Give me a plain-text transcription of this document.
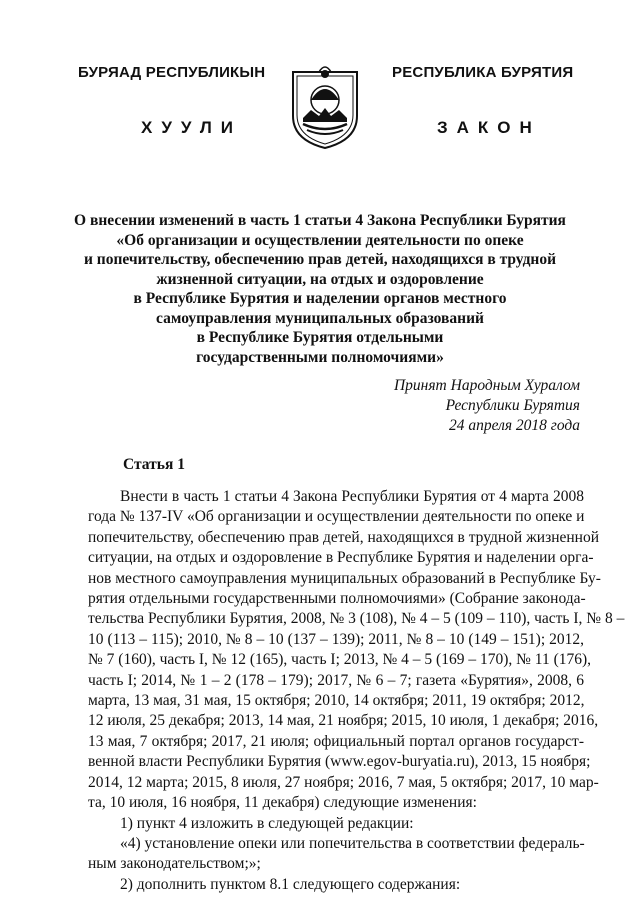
БУРЯАД РЕСПУБЛИКЫН	РЕСПУБЛИКА БУРЯТИЯ
ХУУЛИ	ЗАКОН
О внесении изменений в часть 1 статьи 4 Закона Республики Бурятия
«Об организации и осуществлении деятельности по опеке
и попечительству, обеспечению прав детей, находящихся в трудной
жизненной ситуации, на отдых и оздоровление
в Республике Бурятия и наделении органов местного
самоуправления муниципальных образований
в Республике Бурятия отдельными
государственными полномочиями»
Принят Народным Хуралом
Республики Бурятия
24 апреля 2018 года
Статья 1
Внести в часть 1 статьи 4 Закона Республики Бурятия от 4 марта 2008
года № 137-IV «Об организации и осуществлении деятельности по опеке и
попечительству, обеспечению прав детей, находящихся в трудной жизненной
ситуации, на отдых и оздоровление в Республике Бурятия и наделении орга-
нов местного самоуправления муниципальных образований в Республике Бу-
рятия отдельными государственными полномочиями» (Собрание законода-
тельства Республики Бурятия, 2008, № 3 (108), № 4 – 5 (109 – 110), часть I, № 8 –
10 (113 – 115); 2010, № 8 – 10 (137 – 139); 2011, № 8 – 10 (149 – 151); 2012,
№ 7 (160), часть I, № 12 (165), часть I; 2013, № 4 – 5 (169 – 170), № 11 (176),
часть I; 2014, № 1 – 2 (178 – 179); 2017, № 6 – 7; газета «Бурятия», 2008, 6
марта, 13 мая, 31 мая, 15 октября; 2010, 14 октября; 2011, 19 октября; 2012,
12 июля, 25 декабря; 2013, 14 мая, 21 ноября; 2015, 10 июля, 1 декабря; 2016,
13 мая, 7 октября; 2017, 21 июля; официальный портал органов государст-
венной власти Республики Бурятия (www.egov-buryatia.ru), 2013, 15 ноября;
2014, 12 марта; 2015, 8 июля, 27 ноября; 2016, 7 мая, 5 октября; 2017, 10 мар-
та, 10 июля, 16 ноября, 11 декабря) следующие изменения:
1) пункт 4 изложить в следующей редакции:
«4) установление опеки или попечительства в соответствии федераль-
ным законодательством;»;
2) дополнить пунктом 8.1 следующего содержания:
